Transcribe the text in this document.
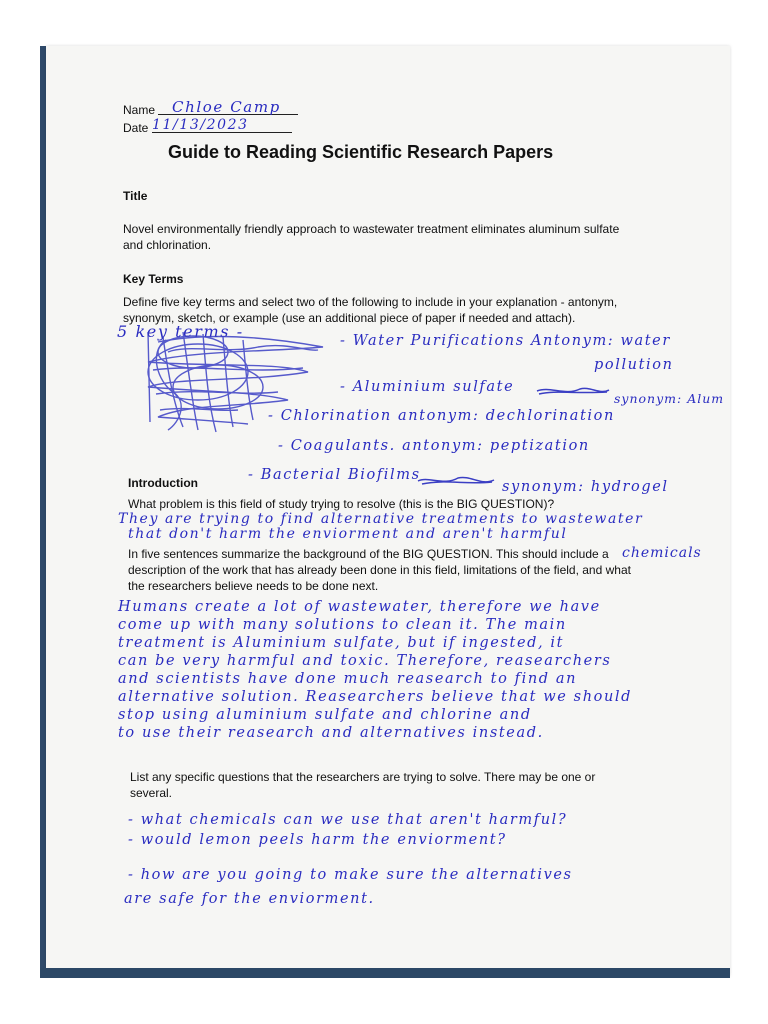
Name Chloe Camp
Date 11/13/2023
Guide to Reading Scientific Research Papers
Title
Novel environmentally friendly approach to wastewater treatment eliminates aluminum sulfate
and chlorination.
Key Terms
Define five key terms and select two of the following to include in your explanation - antonym,
synonym, sketch, or example (use an additional piece of paper if needed and attach).
5 key terms -	- Water Purifications Antonym: water
pollution
- Aluminium sulfate
synonym: Alum
- Chlorination antonym: dechlorination
- Coagulants. antonym: peptization
- Bacterial Biofilms
synonym: hydrogel
Introduction
What problem is this field of study trying to resolve (this is the BIG QUESTION)?
They are trying to find alternative treatments to wastewater
that don't harm the enviorment and aren't harmful
chemicals
In five sentences summarize the background of the BIG QUESTION. This should include a
description of the work that has already been done in this field, limitations of the field, and what
the researchers believe needs to be done next.
Humans create a lot of wastewater, therefore we have
come up with many solutions to clean it. The main
treatment is Aluminium sulfate, but if ingested, it
can be very harmful and toxic. Therefore, reasearchers
and scientists have done much reasearch to find an
alternative solution. Reasearchers believe that we should
stop using aluminium sulfate and chlorine and
to use their reasearch and alternatives instead.
List any specific questions that the researchers are trying to solve. There may be one or
several.
- what chemicals can we use that aren't harmful?
- would lemon peels harm the enviorment?
- how are you going to make sure the alternatives
are safe for the enviorment.
